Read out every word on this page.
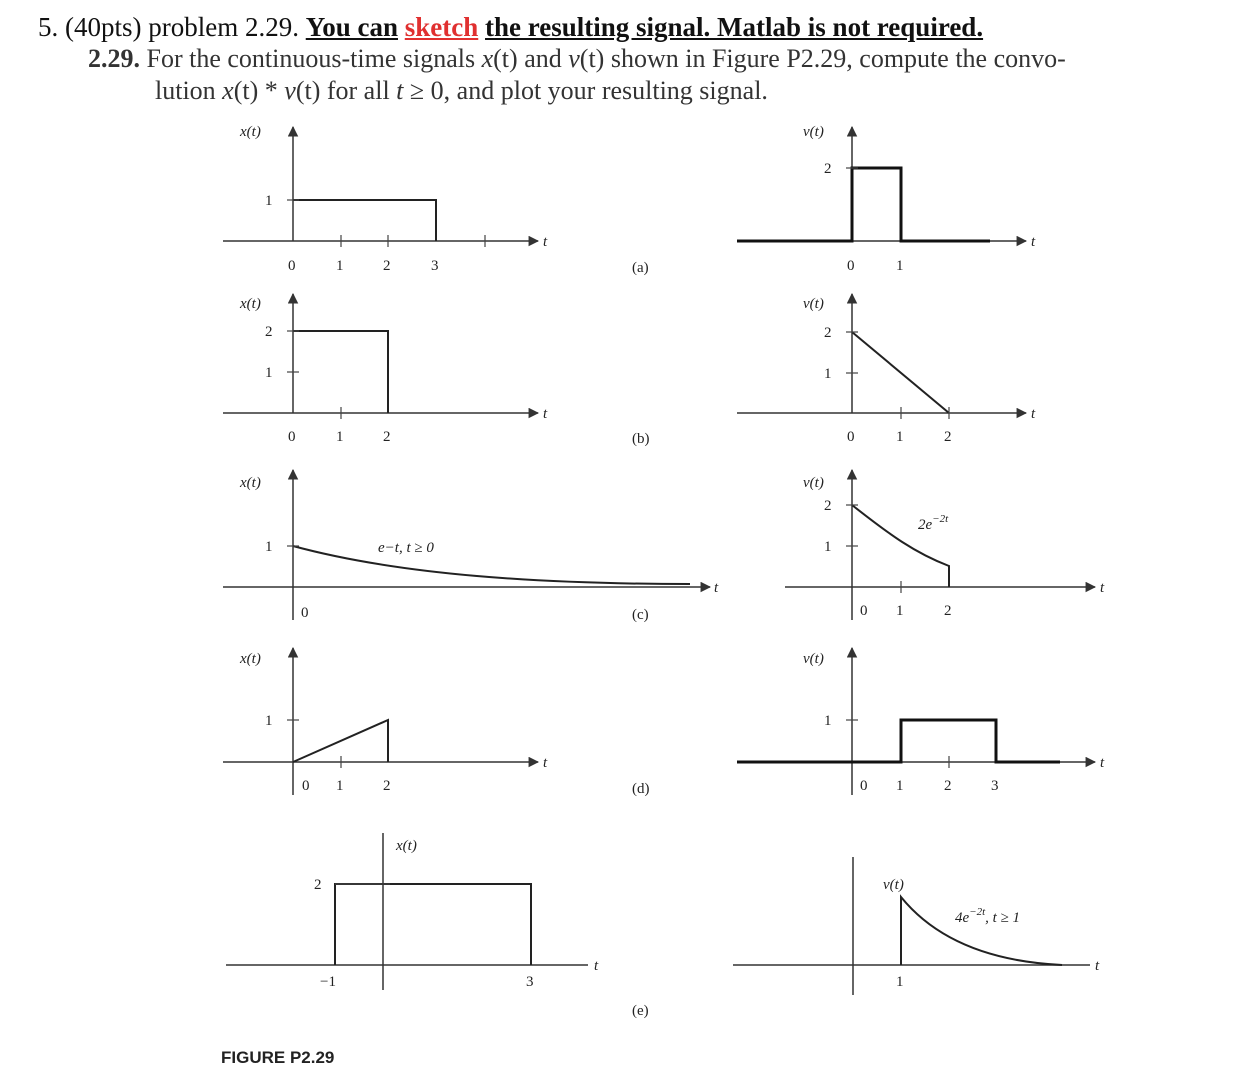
5. (40pts) problem 2.29. You can sketch the resulting signal. Matlab is not required.
2.29. For the continuous-time signals x(t) and v(t) shown in Figure P2.29, compute the convo-
lution x(t) * v(t) for all t ≥ 0, and plot your resulting signal.
x(t)
1
0	1	2	3
t
(a)
v(t)
2
0	1
t
x(t)
2
1
0	1	2
t
(b)
v(t)
2
1
0	1	2
t
x(t)
1
0
e−t, t ≥ 0
t
(c)
v(t)
2
1
0 1	2
$2e^{-2t}$
t
x(t)
1
0 1	2
t
(d)
v(t)
1
0 1	2	3
t
x(t)
2
−1	3
t
(e)
v(t)
1
$4e^{-2t}$, t ≥ 1
t
FIGURE P2.29
